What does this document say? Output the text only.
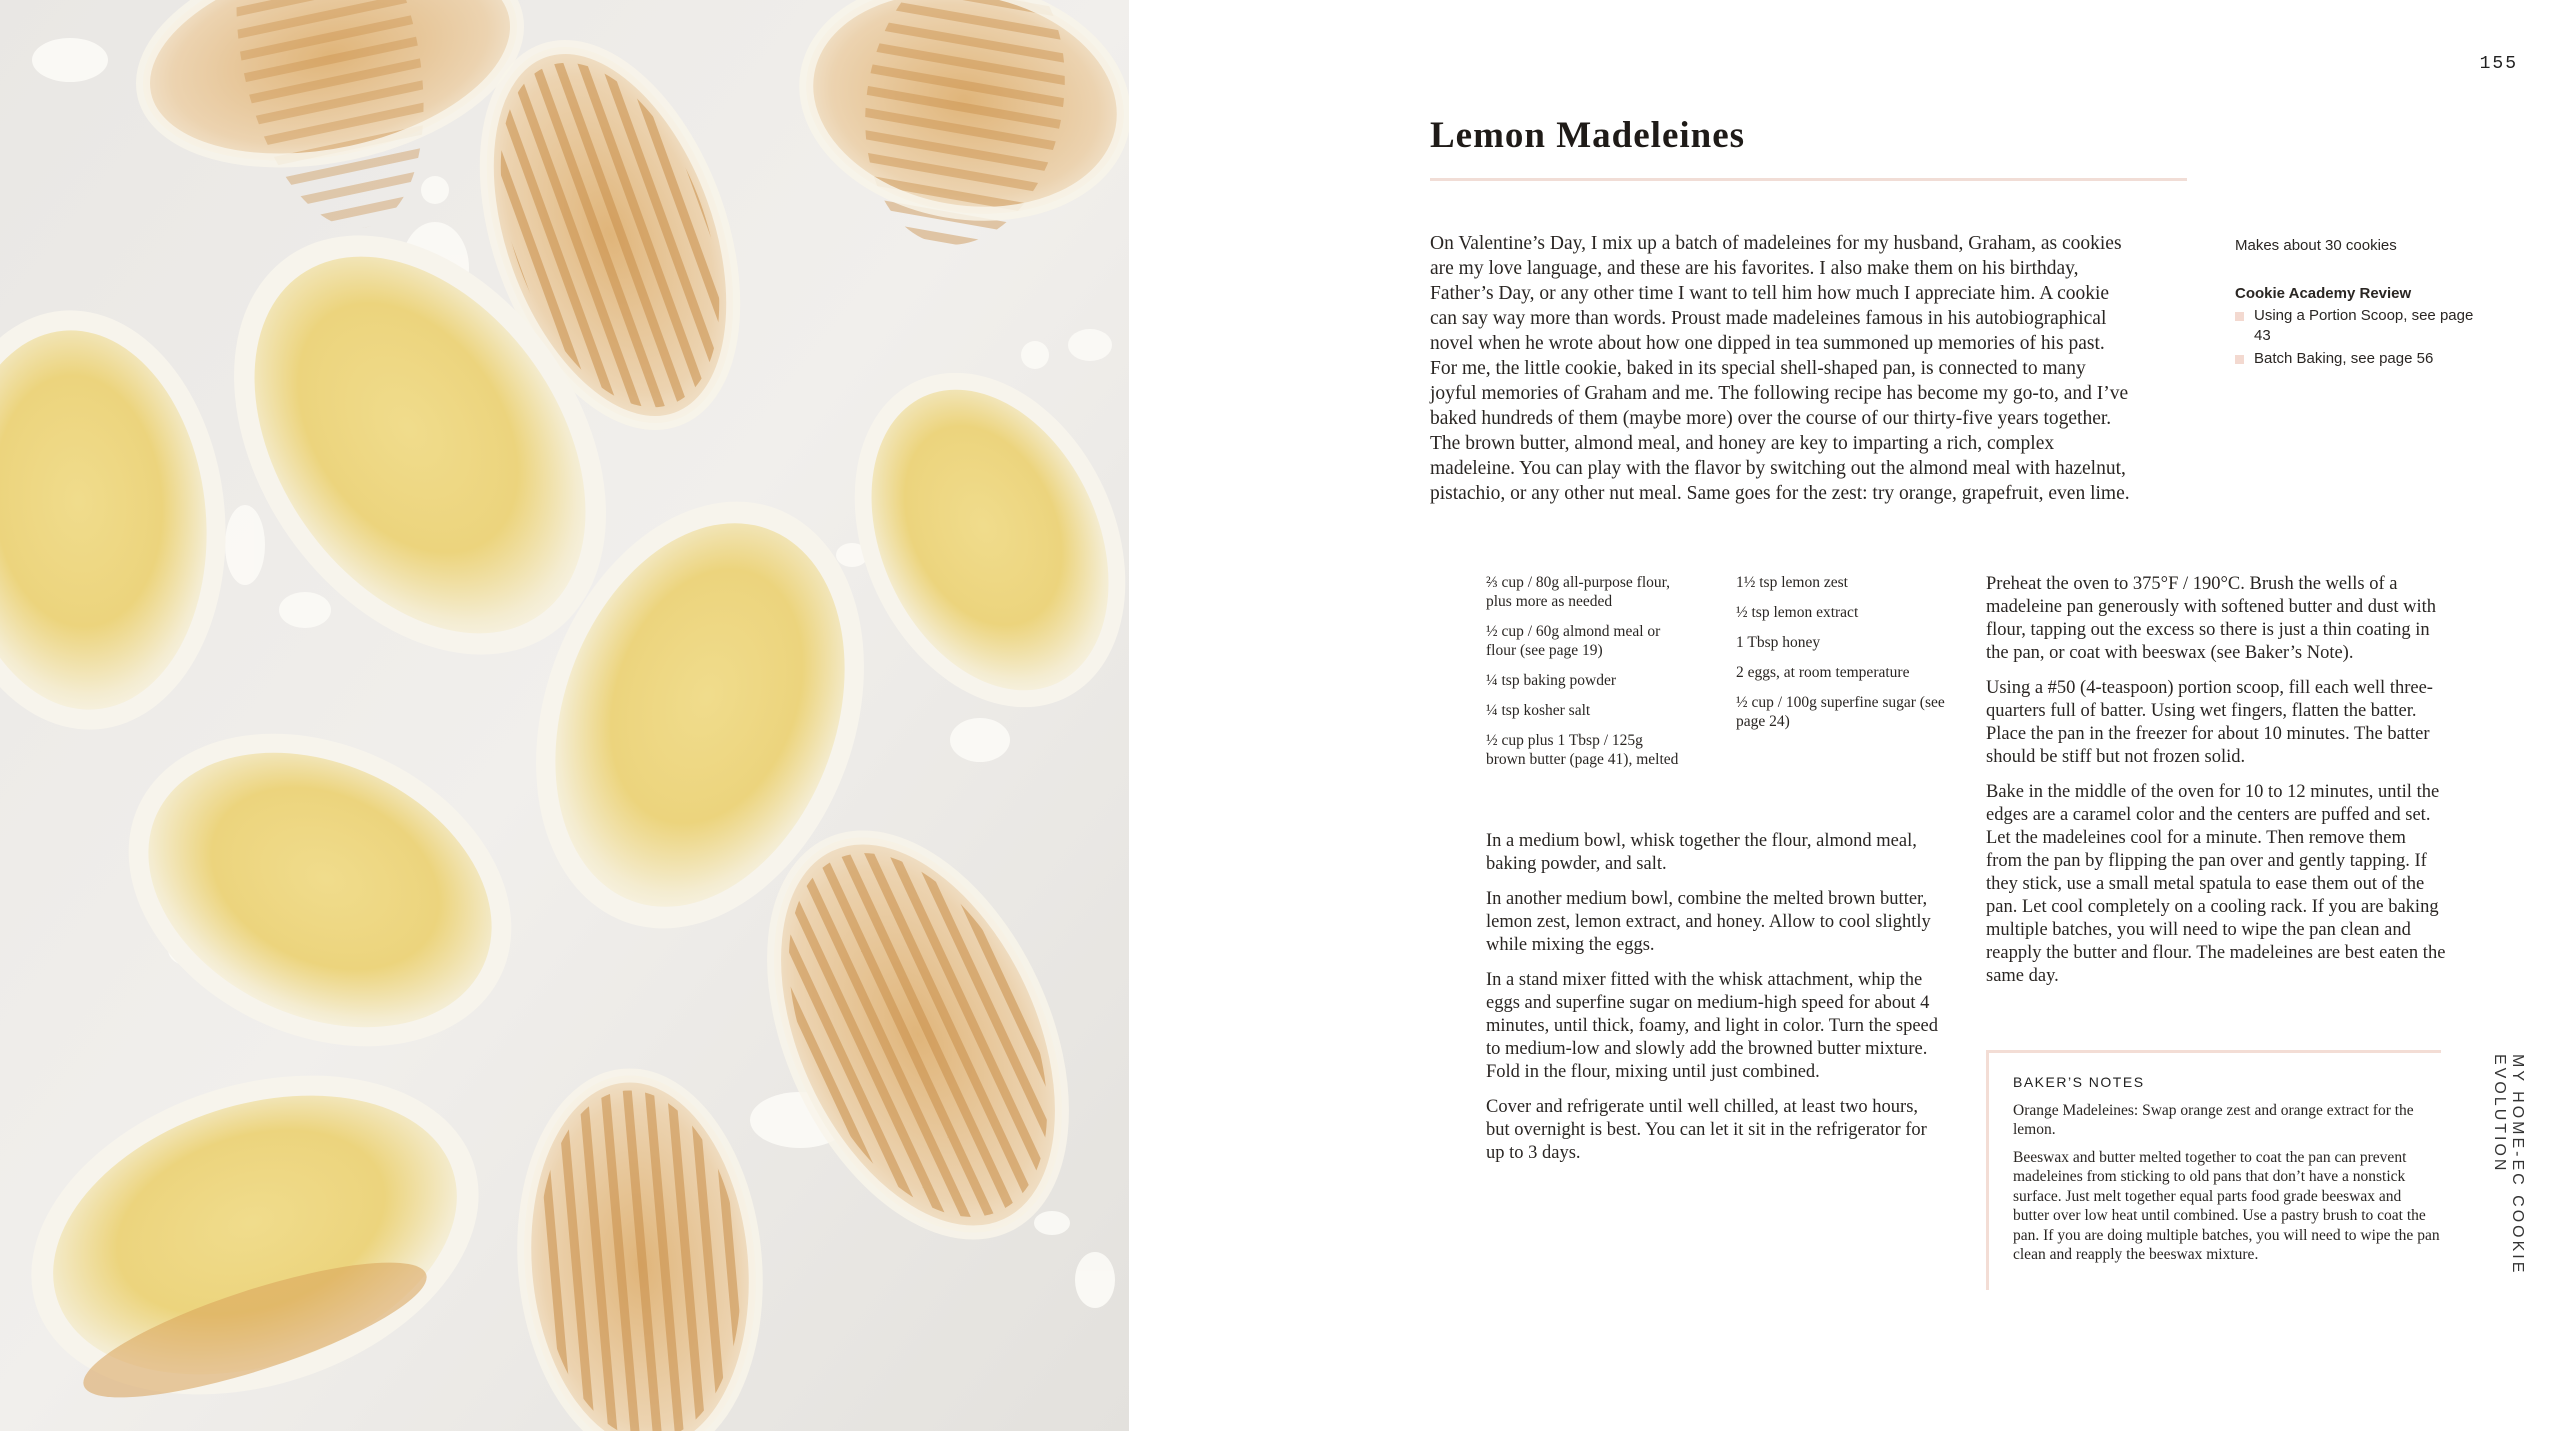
155
Lemon Madeleines

On Valentine’s Day, I mix up a batch of madeleines for my husband, Graham, as cookies are my love language, and these are his favorites. I also make them on his birthday, Father’s Day, or any other time I want to tell him how much I appreciate him. A cookie can say way more than words. Proust made madeleines famous in his autobiographical novel when he wrote about how one dipped in tea summoned up memories of his past. For me, the little cookie, baked in its special shell-shaped pan, is connected to many joyful memories of Graham and me. The following recipe has become my go-to, and I’ve baked hundreds of them (maybe more) over the course of our thirty-five years together. The brown butter, almond meal, and honey are key to imparting a rich, complex madeleine. You can play with the flavor by switching out the almond meal with hazelnut, pistachio, or any other nut meal. Same goes for the zest: try orange, grapefruit, even lime.

Makes about 30 cookies

Cookie Academy Review

Using a Portion Scoop, see page 43
Batch Baking, see page 56
⅔ cup / 80g all-purpose flour, plus more as needed
½ cup / 60g almond meal or flour (see page 19)
¼ tsp baking powder
¼ tsp kosher salt
½ cup plus 1 Tbsp / 125g brown butter (page 41), melted
1½ tsp lemon zest
½ tsp lemon extract
1 Tbsp honey
2 eggs, at room temperature
½ cup / 100g superfine sugar (see page 24)

In a medium bowl, whisk together the flour, almond meal, baking powder, and salt.

In another medium bowl, combine the melted brown butter, lemon zest, lemon extract, and honey. Allow to cool slightly while mixing the eggs.

In a stand mixer fitted with the whisk attachment, whip the eggs and superfine sugar on medium-high speed for about 4 minutes, until thick, foamy, and light in color. Turn the speed to medium-low and slowly add the browned butter mixture. Fold in the flour, mixing until just combined.

Cover and refrigerate until well chilled, at least two hours, but overnight is best. You can let it sit in the refrigerator for up to 3 days.

Preheat the oven to 375°F / 190°C. Brush the wells of a madeleine pan generously with softened butter and dust with flour, tapping out the excess so there is just a thin coating in the pan, or coat with beeswax (see Baker’s Note).

Using a #50 (4-teaspoon) portion scoop, fill each well three-quarters full of batter. Using wet fingers, flatten the batter. Place the pan in the freezer for about 10 minutes. The batter should be stiff but not frozen solid.

Bake in the middle of the oven for 10 to 12 minutes, until the edges are a caramel color and the centers are puffed and set. Let the madeleines cool for a minute. Then remove them from the pan by flipping the pan over and gently tapping. If they stick, use a small metal spatula to ease them out of the pan. Let cool completely on a cooling rack. If you are baking multiple batches, you will need to wipe the pan clean and reapply the butter and flour. The madeleines are best eaten the same day.

BAKER’S NOTES

Orange Madeleines: Swap orange zest and orange extract for the lemon.

Beeswax and butter melted together to coat the pan can prevent madeleines from sticking to old pans that don’t have a nonstick surface. Just melt together equal parts food grade beeswax and butter over low heat until combined. Use a pastry brush to coat the pan. If you are doing multiple batches, you will need to wipe the pan clean and reapply the beeswax mixture.	MY HOME-EC COOKIE EVOLUTION
